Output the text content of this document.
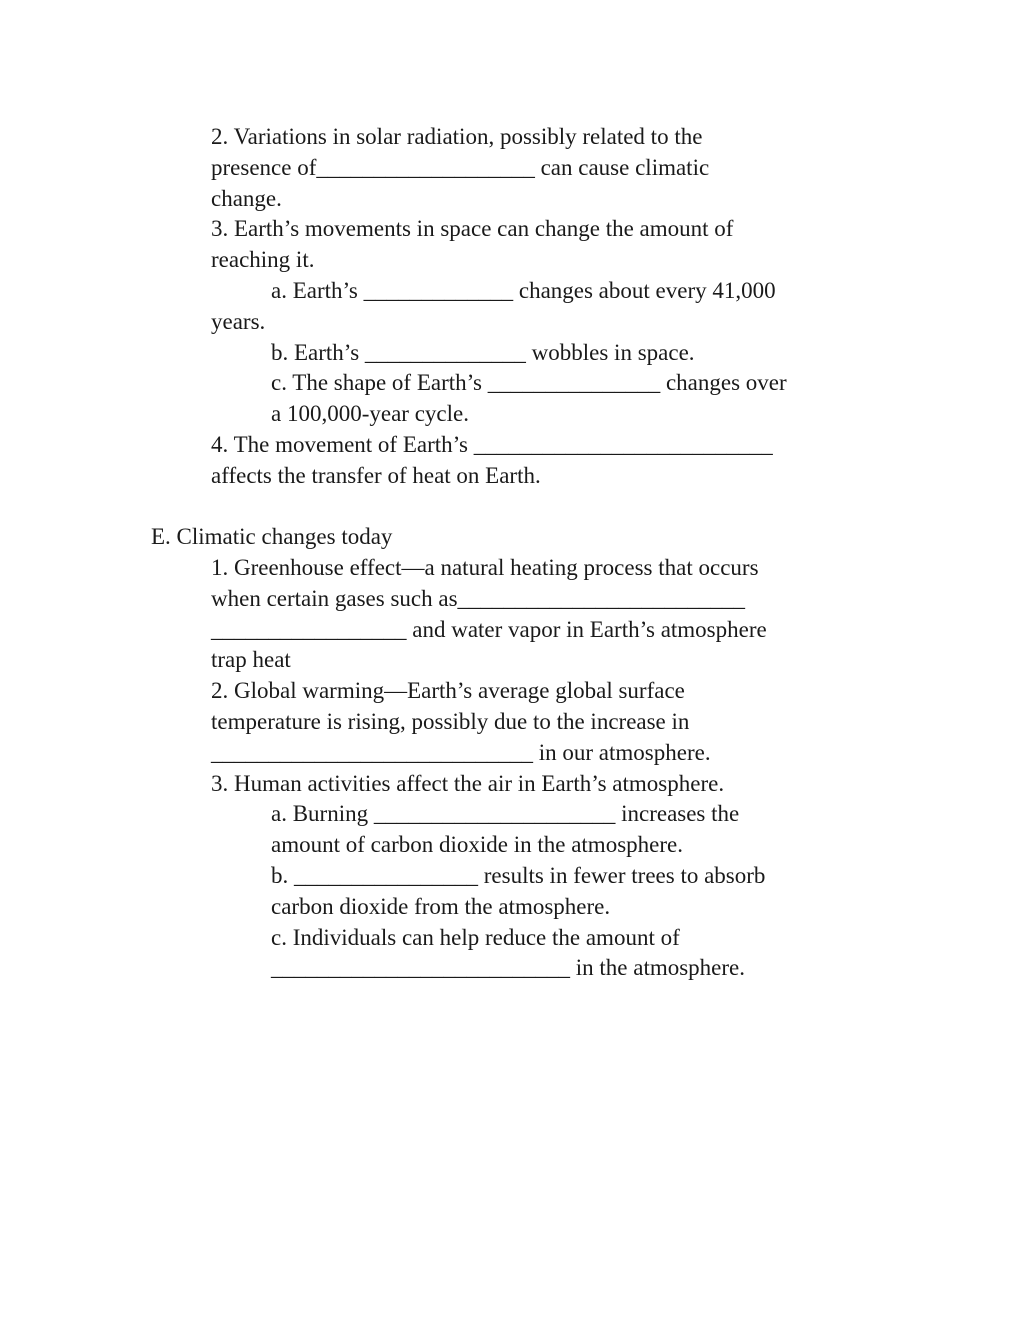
2. Variations in solar radiation, possibly related to the
presence of___________________ can cause climatic
change.
3. Earth’s movements in space can change the amount of
reaching it.
a. Earth’s _____________ changes about every 41,000
years.
b. Earth’s ______________ wobbles in space.
c. The shape of Earth’s _______________ changes over
a 100,000-year cycle.
4. The movement of Earth’s __________________________
affects the transfer of heat on Earth.
E. Climatic changes today
1. Greenhouse effect—a natural heating process that occurs
when certain gases such as_________________________
_________________ and water vapor in Earth’s atmosphere
trap heat
2. Global warming—Earth’s average global surface
temperature is rising, possibly due to the increase in
____________________________ in our atmosphere.
3. Human activities affect the air in Earth’s atmosphere.
a. Burning _____________________ increases the
amount of carbon dioxide in the atmosphere.
b. ________________ results in fewer trees to absorb
carbon dioxide from the atmosphere.
c. Individuals can help reduce the amount of
__________________________ in the atmosphere.
